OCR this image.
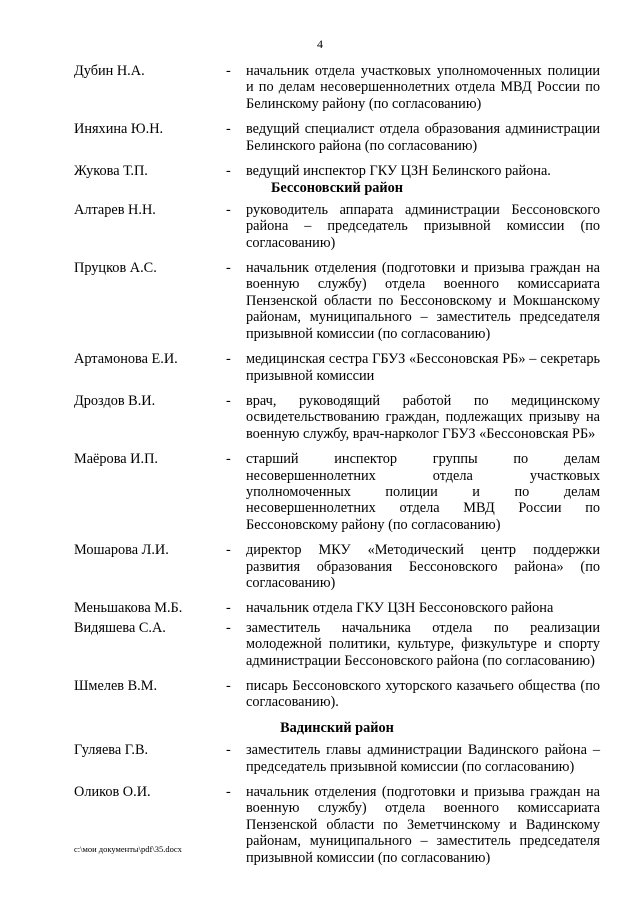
4
Дубин Н.А.	-	начальник отдела участковых уполномоченных полиции и по делам несовершеннолетних отдела МВД России по Белинскому району (по согласованию)
Иняхина Ю.Н.	-	ведущий специалист отдела образования администрации Белинского района (по согласованию)
Жукова Т.П.	-	ведущий инспектор ГКУ ЦЗН Белинского района.
Бессоновский район
Алтарев Н.Н.	-	руководитель аппарата администрации Бессоновского района – председатель призывной комиссии (по согласованию)
Пруцков А.С.	-	начальник отделения (подготовки и призыва граждан на военную службу) отдела военного комиссариата Пензенской области по Бессоновскому и Мокшанскому районам, муниципального – заместитель председателя призывной комиссии (по согласованию)
Артамонова Е.И.	-	медицинская сестра ГБУЗ «Бессоновская РБ» – секретарь призывной комиссии
Дроздов В.И.	-	врач, руководящий работой по медицинскому освидетельствованию граждан, подлежащих призыву на военную службу, врач-нарколог ГБУЗ «Бессоновская РБ»
Маёрова И.П.	-	старший инспектор группы по делам несовершеннолетних отдела участковых уполномоченных полиции и по делам несовершеннолетних отдела МВД России по Бессоновскому району (по согласованию)
Мошарова Л.И.	-	директор МКУ «Методический центр поддержки развития образования Бессоновского района» (по согласованию)
Меньшакова М.Б.	-	начальник отдела ГКУ ЦЗН Бессоновского района
Видяшева С.А.	-	заместитель начальника отдела по реализации молодежной политики, культуре, физкультуре и спорту администрации Бессоновского района (по согласованию)
Шмелев В.М.	-	писарь Бессоновского хуторского казачьего общества (по согласованию).
Вадинский район
Гуляева Г.В.	-	заместитель главы администрации Вадинского района – председатель призывной комиссии (по согласованию)
Оликов О.И.	-	начальник отделения (подготовки и призыва граждан на военную службу) отдела военного комиссариата Пензенской области по Земетчинскому и Вадинскому районам, муниципального – заместитель председателя призывной комиссии (по согласованию)
c:\мои документы\pdf\35.docx
